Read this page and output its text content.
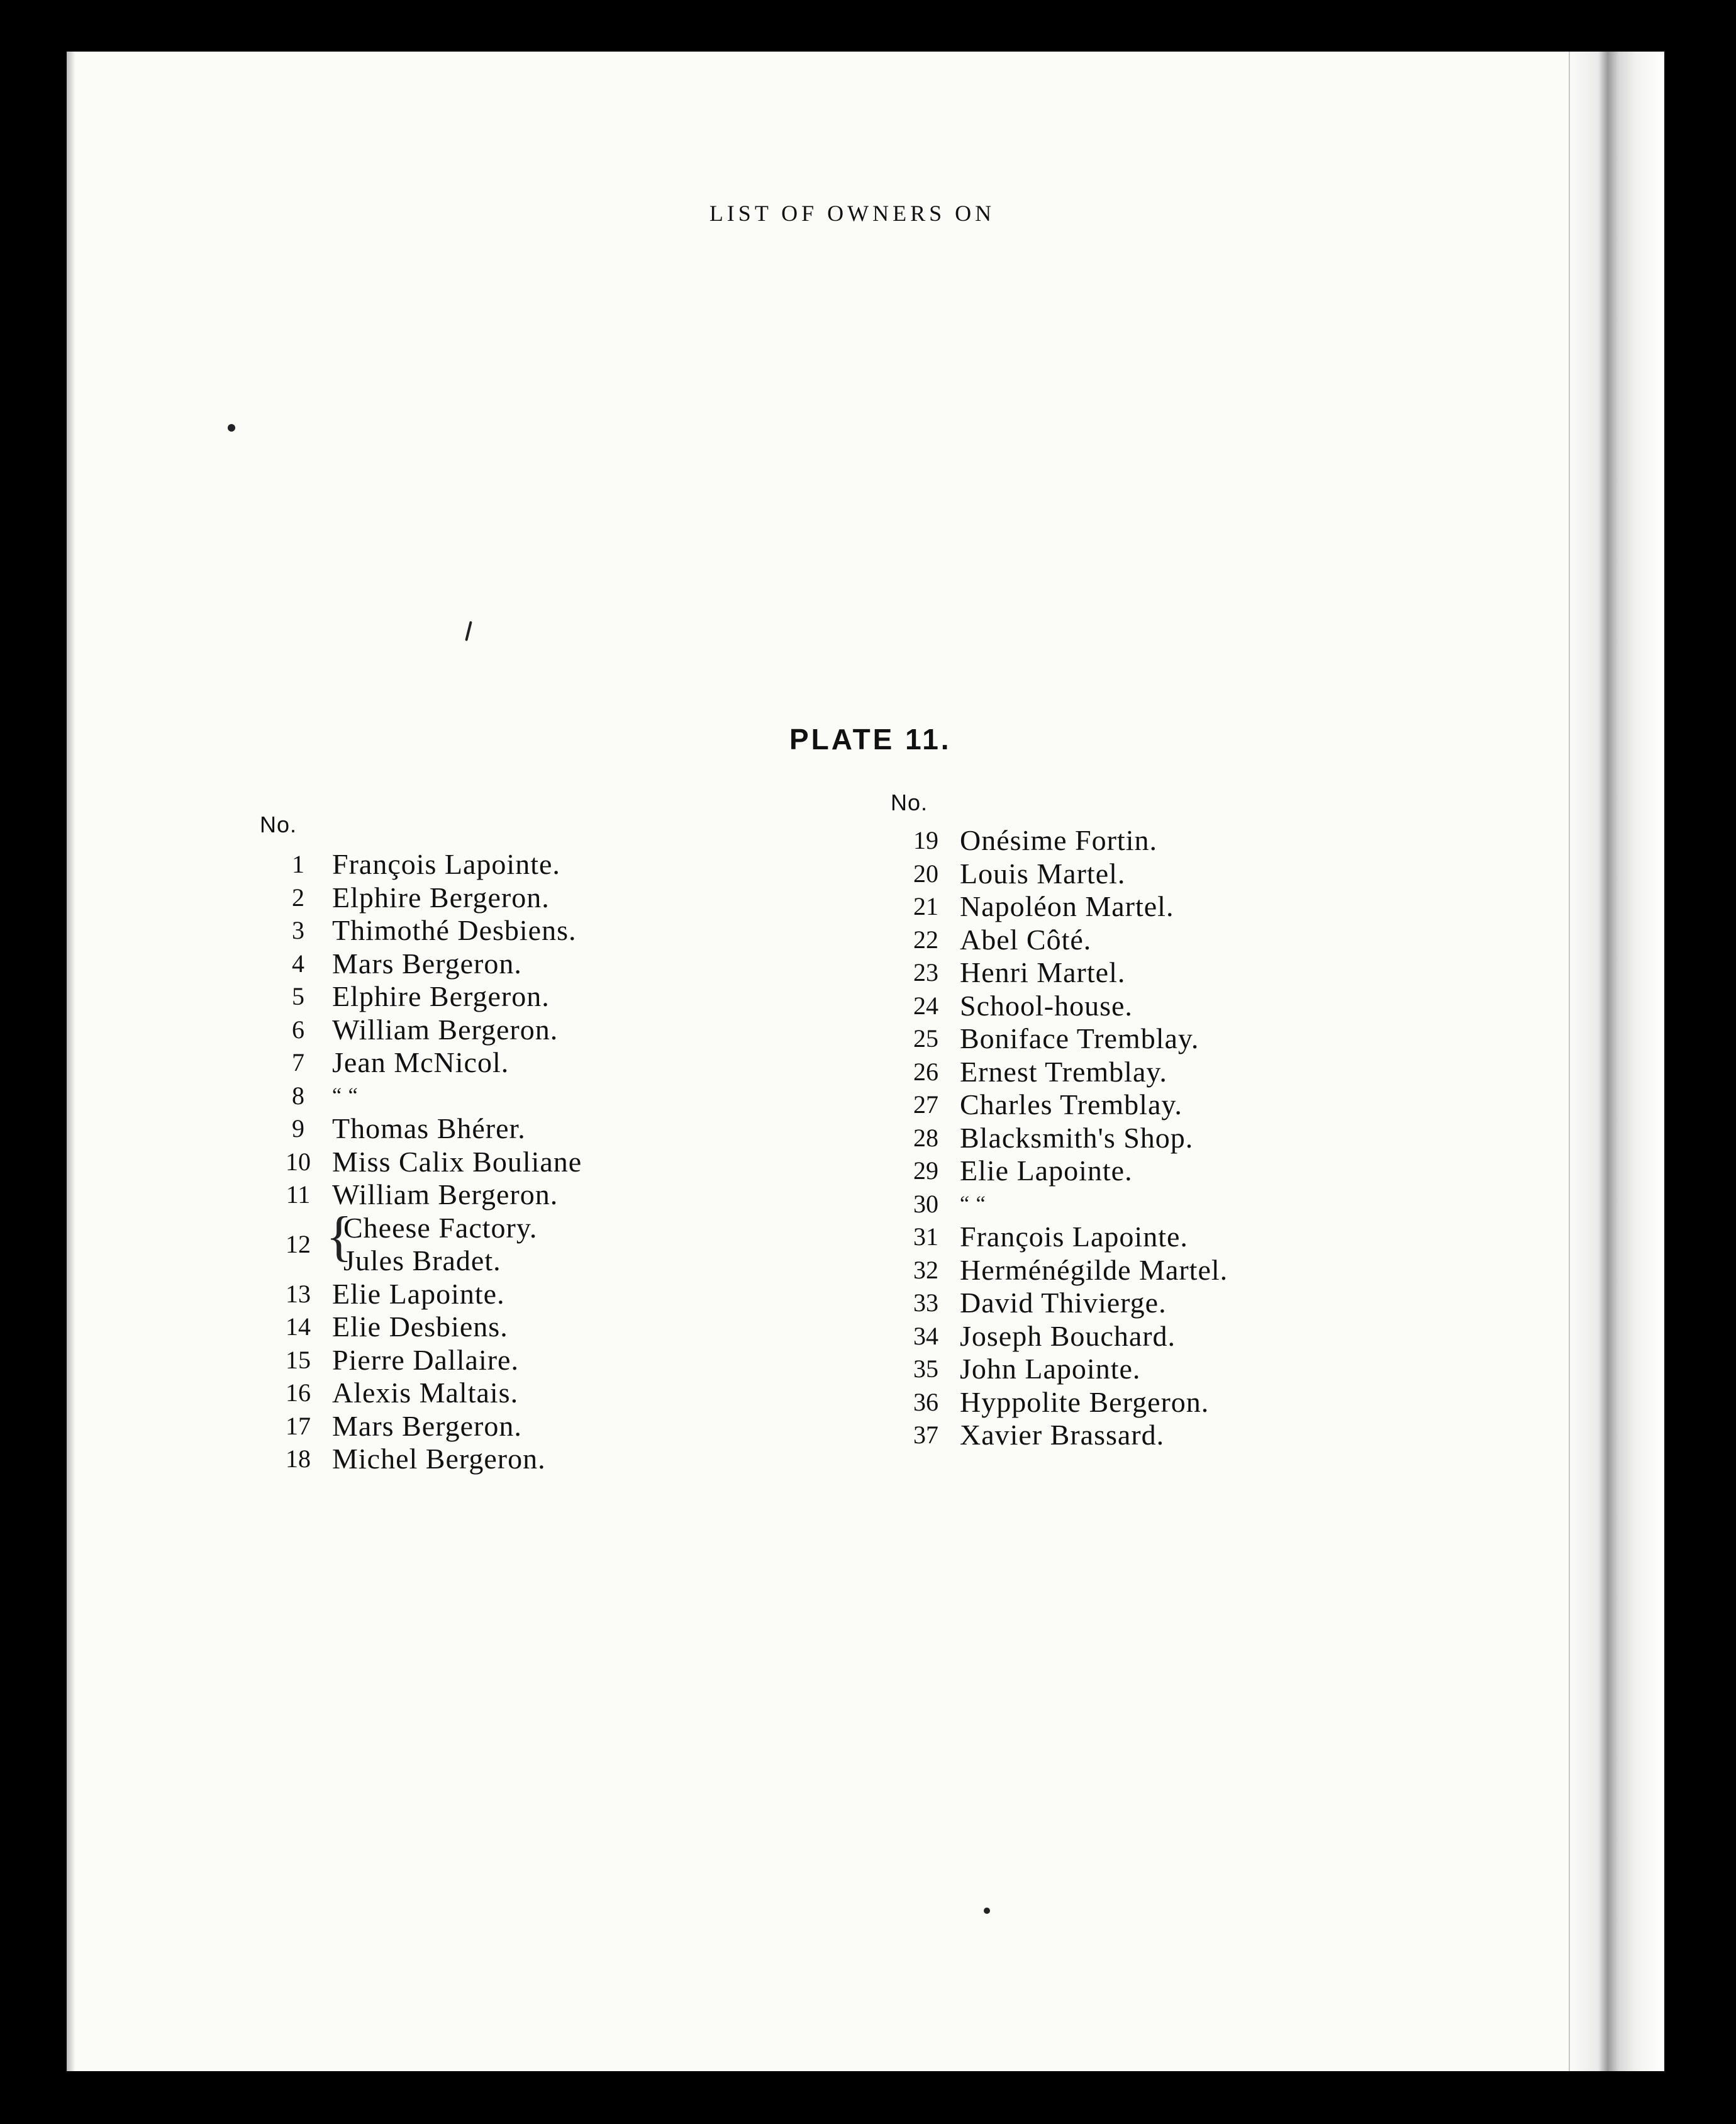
LIST OF OWNERS ON
PLATE 11.
No.
No.
1 François Lapointe.
2 Elphire Bergeron.
3 Thimothé Desbiens.
4 Mars Bergeron.
5 Elphire Bergeron.
6 William Bergeron.
7 Jean McNicol.
8	“ “
9 Thomas Bhérer.
10 Miss Calix Bouliane
11 William Bergeron.
Cheese Factory.
12
Jules Bradet.
13 Elie Lapointe.
14 Elie Desbiens.
15 Pierre Dallaire.
16 Alexis Maltais.
17 Mars Bergeron.
18 Michel Bergeron.
{
19 Onésime Fortin.
20 Louis Martel.
21 Napoléon Martel.
22 Abel Côté.
23 Henri Martel.
24 School-house.
25 Boniface Tremblay.
26 Ernest Tremblay.
27 Charles Tremblay.
28 Blacksmith's Shop.
29 Elie Lapointe.
30	“ “
31 François Lapointe.
32 Herménégilde Martel.
33 David Thivierge.
34 Joseph Bouchard.
35 John Lapointe.
36 Hyppolite Bergeron.
37 Xavier Brassard.
